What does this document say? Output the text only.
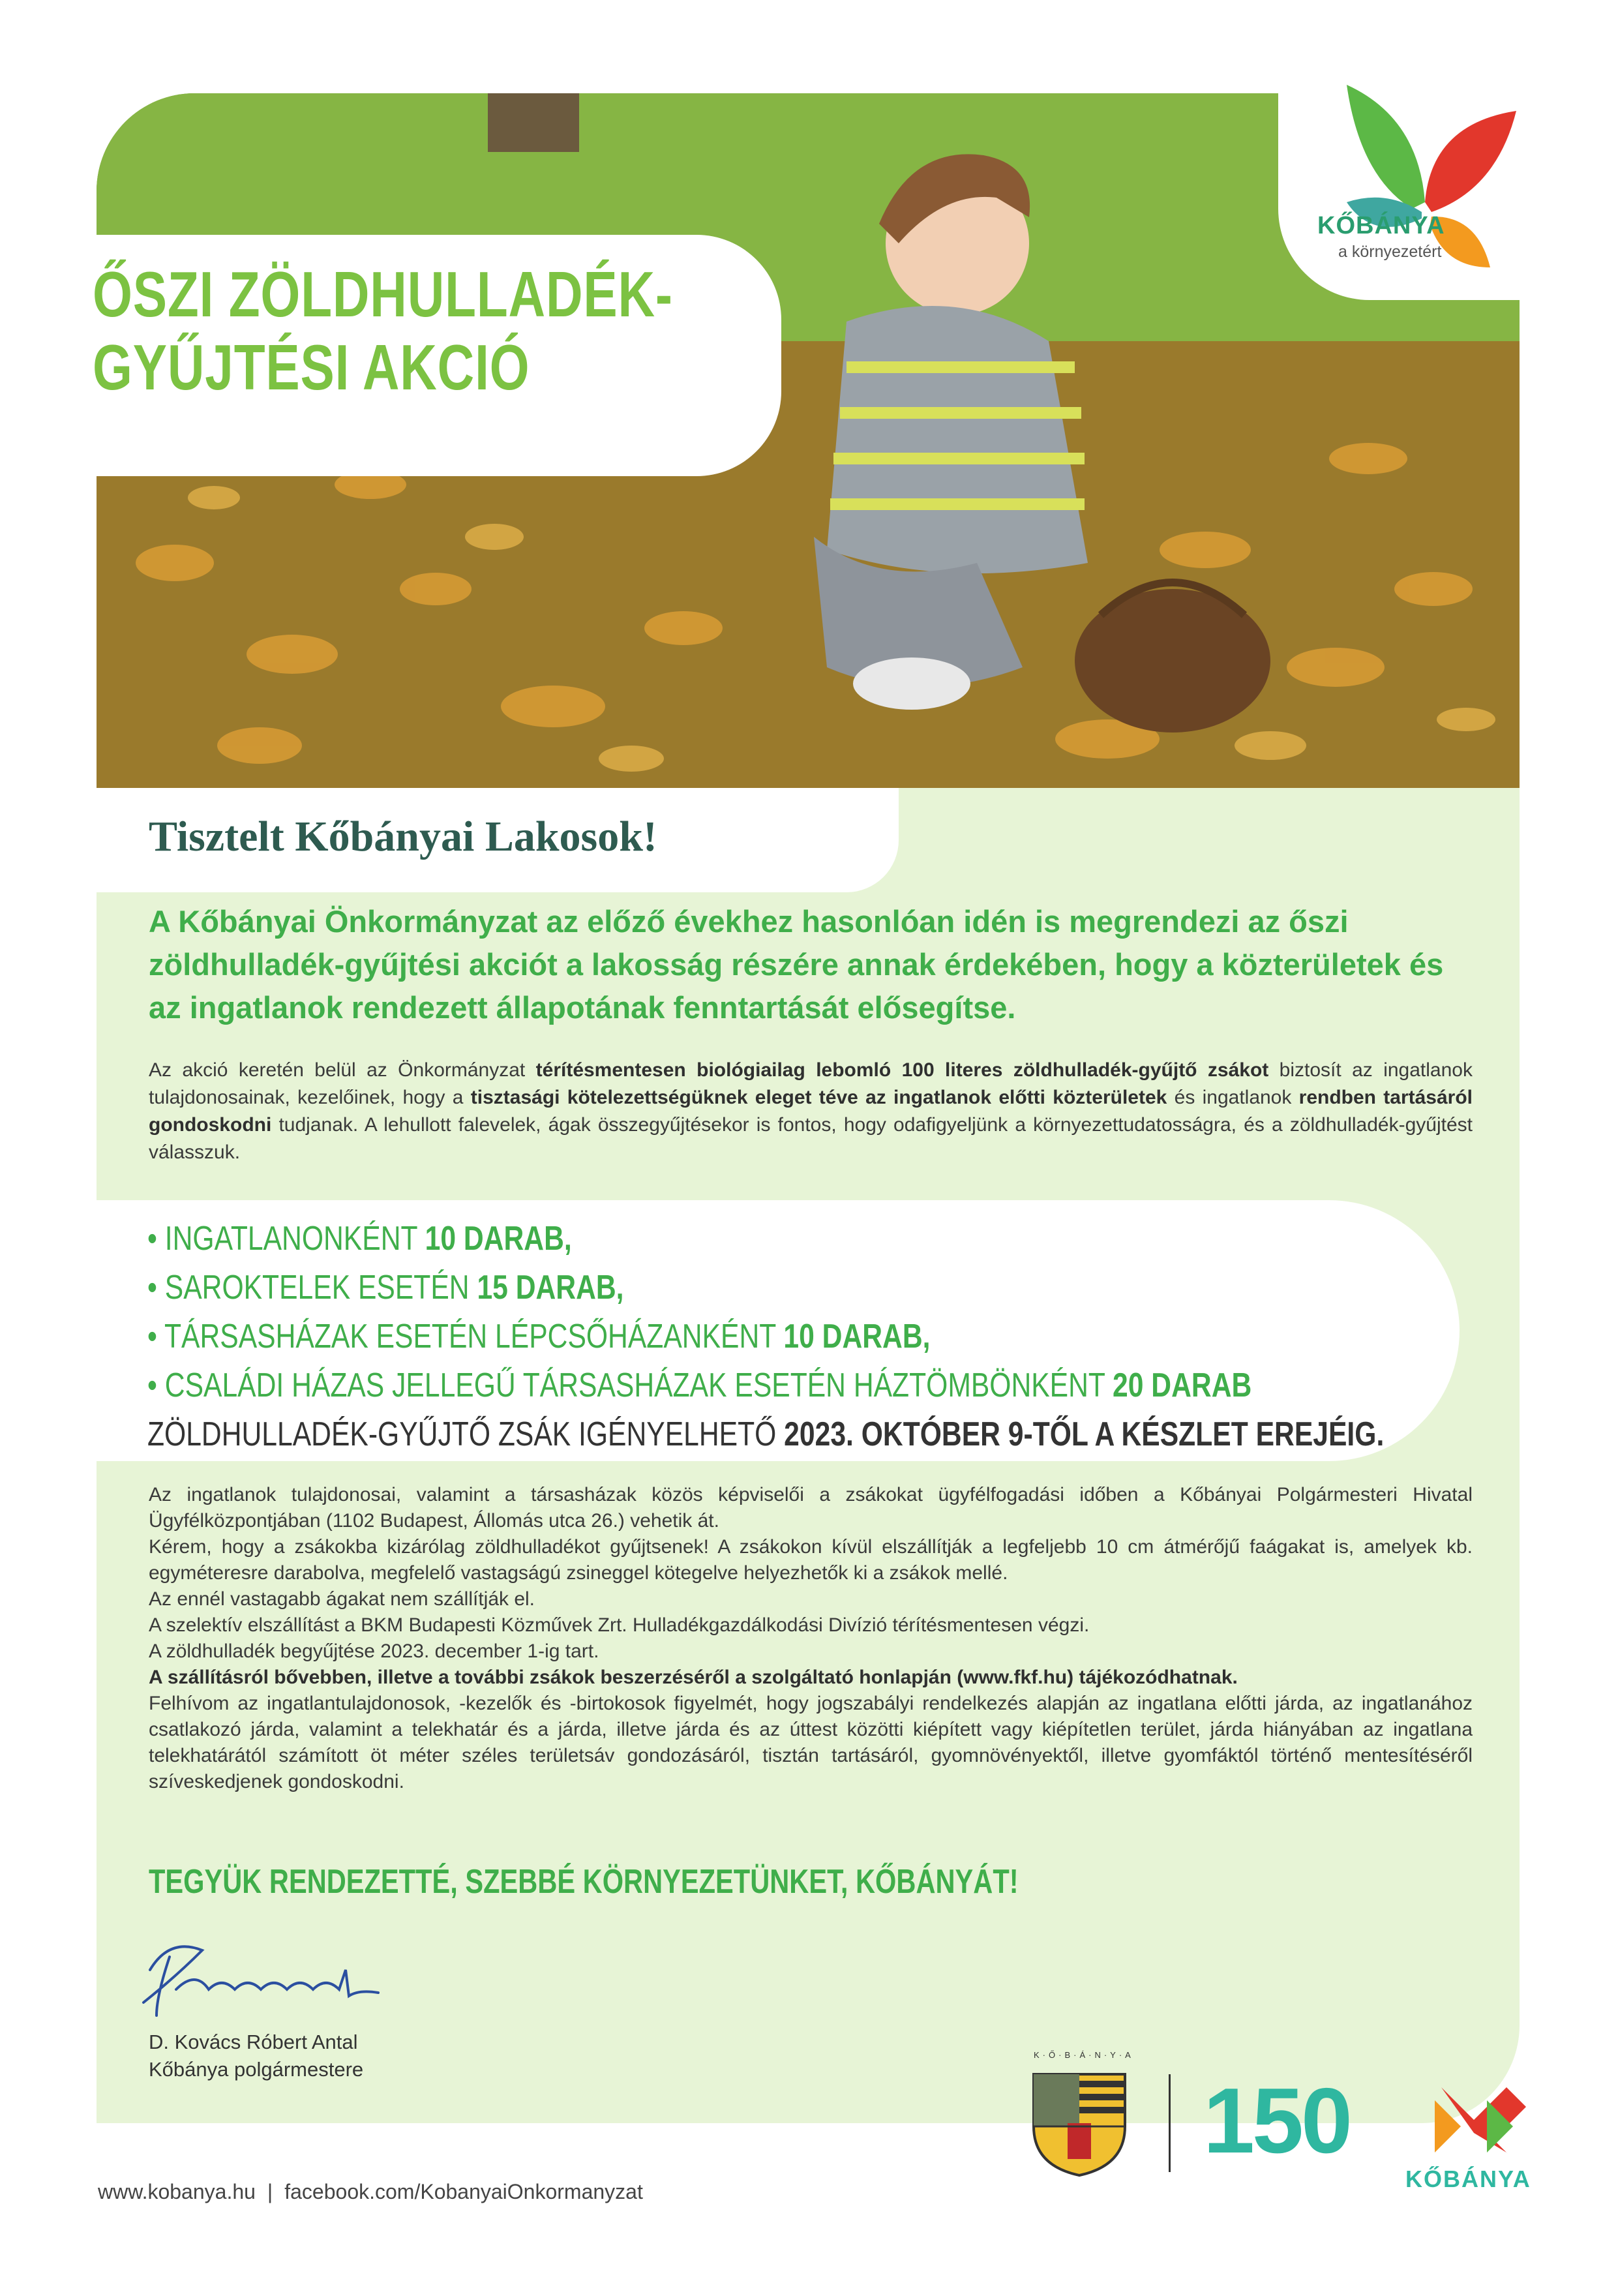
ŐSZI ZÖLDHULLADÉK-
GYŰJTÉSI AKCIÓ
KŐBÁNYA
a környezetért
Tisztelt Kőbányai Lakosok!

A Kőbányai Önkormányzat az előző évekhez hasonlóan idén is megrendezi az őszi zöldhulladék-gyűjtési akciót a lakosság részére annak érdekében, hogy a közterületek és az ingatlanok rendezett állapotának fenntartását elősegítse.

Az akció keretén belül az Önkormányzat térítésmentesen biológiailag lebomló 100 literes zöldhulladék-gyűjtő zsákot biztosít az ingatlanok tulajdonosainak, kezelőinek, hogy a tisztasági kötelezettségüknek eleget téve az ingatlanok előtti közterületek és ingatlanok rendben tartásáról gondoskodni tudjanak. A lehullott falevelek, ágak összegyűjtésekor is fontos, hogy odafigyeljünk a környezettudatosságra, és a zöldhulladék-gyűjtést válasszuk.

• INGATLANONKÉNT 10 DARAB,
• SAROKTELEK ESETÉN 15 DARAB,
• TÁRSASHÁZAK ESETÉN LÉPCSŐHÁZANKÉNT 10 DARAB,
• CSALÁDI HÁZAS JELLEGŰ TÁRSASHÁZAK ESETÉN HÁZTÖMBÖNKÉNT 20 DARAB
ZÖLDHULLADÉK-GYŰJTŐ ZSÁK IGÉNYELHETŐ 2023. OKTÓBER 9-TŐL A KÉSZLET EREJÉIG.
Az ingatlanok tulajdonosai, valamint a társasházak közös képviselői a zsákokat ügyfélfogadási időben a Kőbányai Polgármesteri Hivatal Ügyfélközpontjában (1102 Budapest, Állomás utca 26.) vehetik át.
Kérem, hogy a zsákokba kizárólag zöldhulladékot gyűjtsenek! A zsákokon kívül elszállítják a legfeljebb 10 cm átmérőjű faágakat is, amelyek kb. egyméteresre darabolva, megfelelő vastagságú zsineggel kötegelve helyezhetők ki a zsákok mellé.
Az ennél vastagabb ágakat nem szállítják el.
A szelektív elszállítást a BKM Budapesti Közművek Zrt. Hulladékgazdálkodási Divízió térítésmentesen végzi.
A zöldhulladék begyűjtése 2023. december 1-ig tart.
A szállításról bővebben, illetve a további zsákok beszerzéséről a szolgáltató honlapján (www.fkf.hu) tájékozódhatnak.
Felhívom az ingatlantulajdonosok, -kezelők és -birtokosok figyelmét, hogy jogszabályi rendelkezés alapján az ingatlana előtti járda, az ingatlanához csatlakozó járda, valamint a telekhatár és a járda, illetve járda és az úttest közötti kiépített vagy kiépítetlen terület, járda hiányában az ingatlana telekhatárától számított öt méter széles területsáv gondozásáról, tisztán tartásáról, gyomnövényektől, illetve gyomfáktól történő mentesítéséről szíveskedjenek gondoskodni.

TEGYÜK RENDEZETTÉ, SZEBBÉ KÖRNYEZETÜNKET, KŐBÁNYÁT!

D. Kovács Róbert Antal
Kőbánya polgármestere
K·Ő·B·Á·N·Y·A
150
KŐBÁNYA

www.kobanya.hu | facebook.com/KobanyaiOnkormanyzat
